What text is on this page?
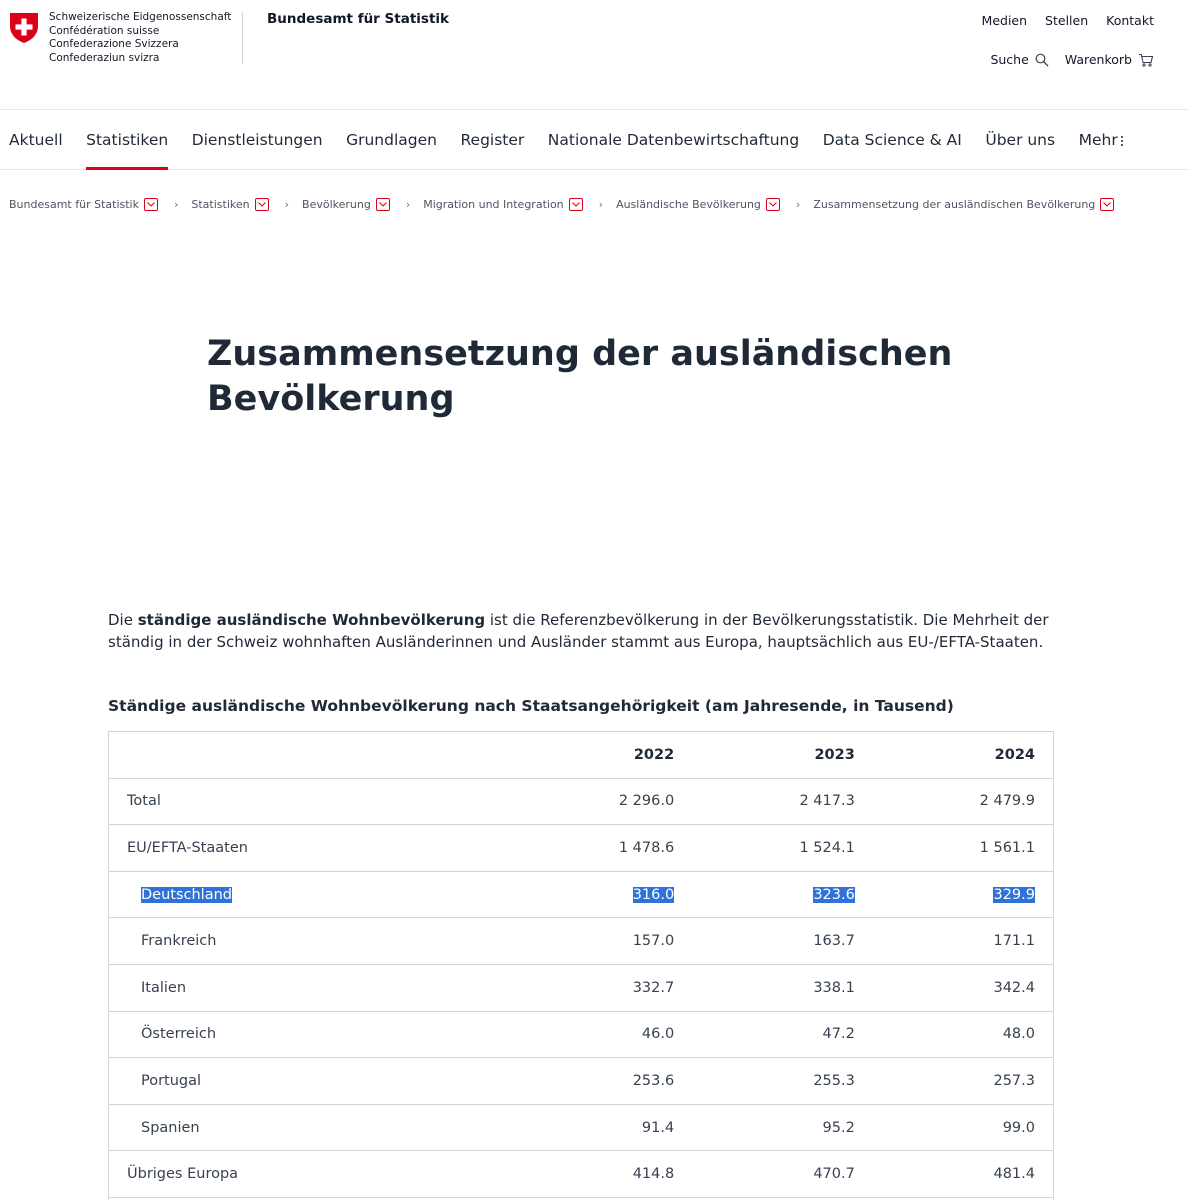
Schweizerische Eidgenossenschaft
Confédération suisse
Confederazione Svizzera
Confederaziun svizra
Bundesamt für Statistik	Medien Stellen Kontakt
Suche	Warenkorb
Aktuell Statistiken Dienstleistungen Grundlagen Register Nationale Datenbewirtschaftung Data Science & AI Über uns Mehr
Bundesamt für Statistik	› Statistiken	› Bevölkerung	› Migration und Integration	› Ausländische Bevölkerung	› Zusammensetzung der ausländischen Bevölkerung
Zusammensetzung der ausländischen
Bevölkerung

Die ständige ausländische Wohnbevölkerung ist die Referenzbevölkerung in der Bevölkerungsstatistik. Die Mehrheit der ständig in der Schweiz wohnhaften Ausländerinnen und Ausländer stammt aus Europa, hauptsächlich aus EU-/EFTA-Staaten.

Ständige ausländische Wohnbevölkerung nach Staatsangehörigkeit (am Jahresende, in Tausend)
	2022	2023	2024
Total	2 296.0	2 417.3	2 479.9
EU/EFTA-Staaten	1 478.6	1 524.1	1 561.1
Deutschland	316.0	323.6	329.9
Frankreich	157.0	163.7	171.1
Italien	332.7	338.1	342.4
Österreich	46.0	47.2	48.0
Portugal	253.6	255.3	257.3
Spanien	91.4	95.2	99.0
Übriges Europa	414.8	470.7	481.4
